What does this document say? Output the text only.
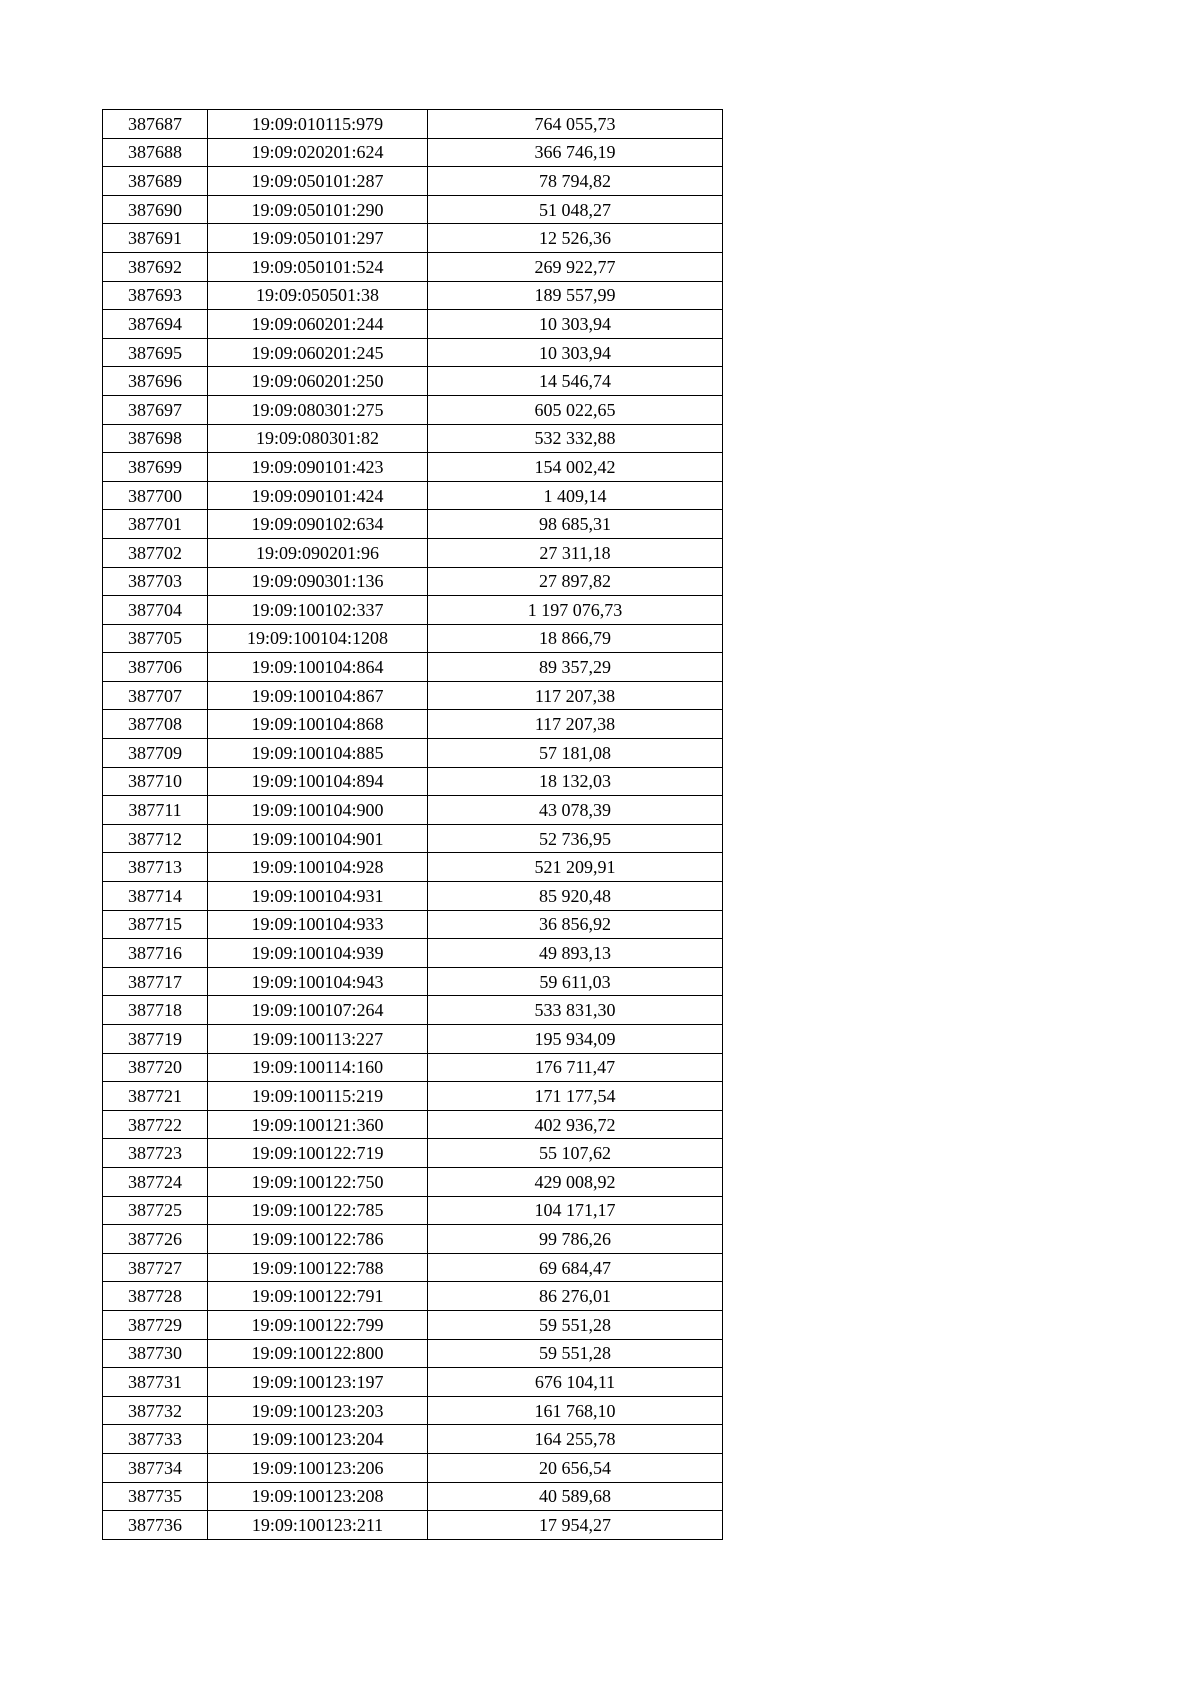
387687	19:09:010115:979	764 055,73
387688	19:09:020201:624	366 746,19
387689	19:09:050101:287	78 794,82
387690	19:09:050101:290	51 048,27
387691	19:09:050101:297	12 526,36
387692	19:09:050101:524	269 922,77
387693	19:09:050501:38	189 557,99
387694	19:09:060201:244	10 303,94
387695	19:09:060201:245	10 303,94
387696	19:09:060201:250	14 546,74
387697	19:09:080301:275	605 022,65
387698	19:09:080301:82	532 332,88
387699	19:09:090101:423	154 002,42
387700	19:09:090101:424	1 409,14
387701	19:09:090102:634	98 685,31
387702	19:09:090201:96	27 311,18
387703	19:09:090301:136	27 897,82
387704	19:09:100102:337	1 197 076,73
387705	19:09:100104:1208	18 866,79
387706	19:09:100104:864	89 357,29
387707	19:09:100104:867	117 207,38
387708	19:09:100104:868	117 207,38
387709	19:09:100104:885	57 181,08
387710	19:09:100104:894	18 132,03
387711	19:09:100104:900	43 078,39
387712	19:09:100104:901	52 736,95
387713	19:09:100104:928	521 209,91
387714	19:09:100104:931	85 920,48
387715	19:09:100104:933	36 856,92
387716	19:09:100104:939	49 893,13
387717	19:09:100104:943	59 611,03
387718	19:09:100107:264	533 831,30
387719	19:09:100113:227	195 934,09
387720	19:09:100114:160	176 711,47
387721	19:09:100115:219	171 177,54
387722	19:09:100121:360	402 936,72
387723	19:09:100122:719	55 107,62
387724	19:09:100122:750	429 008,92
387725	19:09:100122:785	104 171,17
387726	19:09:100122:786	99 786,26
387727	19:09:100122:788	69 684,47
387728	19:09:100122:791	86 276,01
387729	19:09:100122:799	59 551,28
387730	19:09:100122:800	59 551,28
387731	19:09:100123:197	676 104,11
387732	19:09:100123:203	161 768,10
387733	19:09:100123:204	164 255,78
387734	19:09:100123:206	20 656,54
387735	19:09:100123:208	40 589,68
387736	19:09:100123:211	17 954,27
